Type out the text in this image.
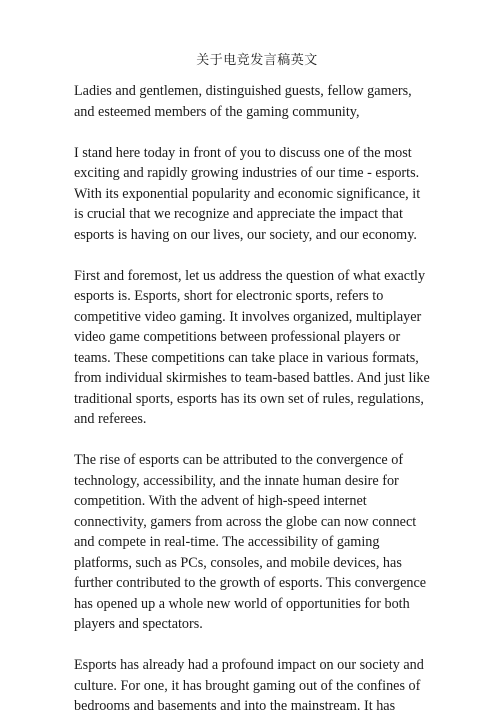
关于电竞发言稿英文

Ladies and gentlemen, distinguished guests, fellow gamers, and esteemed members of the gaming community,

I stand here today in front of you to discuss one of the most exciting and rapidly growing industries of our time - esports. With its exponential popularity and economic significance, it is crucial that we recognize and appreciate the impact that esports is having on our lives, our society, and our economy.

First and foremost, let us address the question of what exactly esports is. Esports, short for electronic sports, refers to competitive video gaming. It involves organized, multiplayer video game competitions between professional players or teams. These competitions can take place in various formats, from individual skirmishes to team-based battles. And just like traditional sports, esports has its own set of rules, regulations, and referees.

The rise of esports can be attributed to the convergence of technology, accessibility, and the innate human desire for competition. With the advent of high-speed internet connectivity, gamers from across the globe can now connect and compete in real-time. The accessibility of gaming platforms, such as PCs, consoles, and mobile devices, has further contributed to the growth of esports. This convergence has opened up a whole new world of opportunities for both players and spectators.

Esports has already had a profound impact on our society and culture. For one, it has brought gaming out of the confines of bedrooms and basements and into the mainstream. It has
